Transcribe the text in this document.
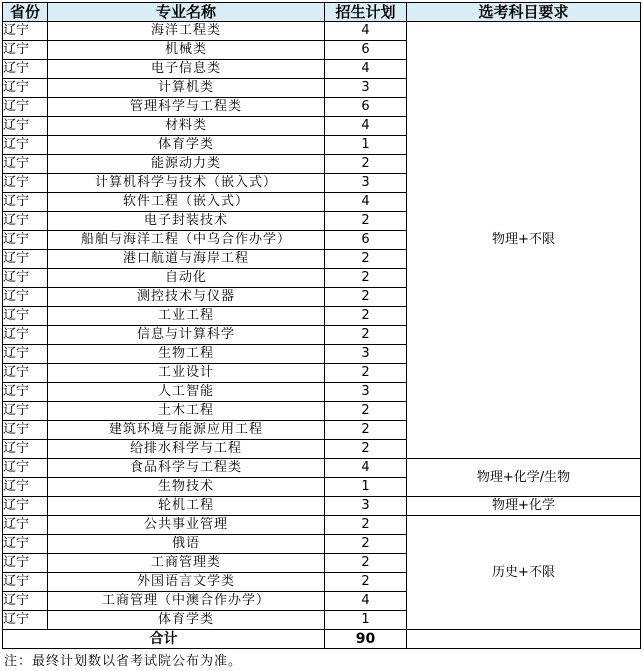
省份	专业名称	招生计划	选考科目要求
辽宁	海洋工程类	4	物理+不限
辽宁	机械类	6	
辽宁	电子信息类	4	
辽宁	计算机类	3	
辽宁	管理科学与工程类	6	
辽宁	材料类	4	
辽宁	体育学类	1	
辽宁	能源动力类	2	
辽宁	计算机科学与技术（嵌入式）	3	
辽宁	软件工程（嵌入式）	4	
辽宁	电子封装技术	2	
辽宁	船舶与海洋工程（中乌合作办学）	6	
辽宁	港口航道与海岸工程	2	
辽宁	自动化	2	
辽宁	测控技术与仪器	2	
辽宁	工业工程	2	
辽宁	信息与计算科学	2	
辽宁	生物工程	3	
辽宁	工业设计	2	
辽宁	人工智能	3	
辽宁	土木工程	2	
辽宁	建筑环境与能源应用工程	2	
辽宁	给排水科学与工程	2	
辽宁	食品科学与工程类	4	物理+化学/生物
辽宁	生物技术	1	
辽宁	轮机工程	3	物理+化学
辽宁	公共事业管理	2	历史+不限
辽宁	俄语	2	
辽宁	工商管理类	2	
辽宁	外国语言文学类	2	
辽宁	工商管理（中澳合作办学）	4	
辽宁	体育学类	1	
合计		90	
注：最终计划数以省考试院公布为准。
